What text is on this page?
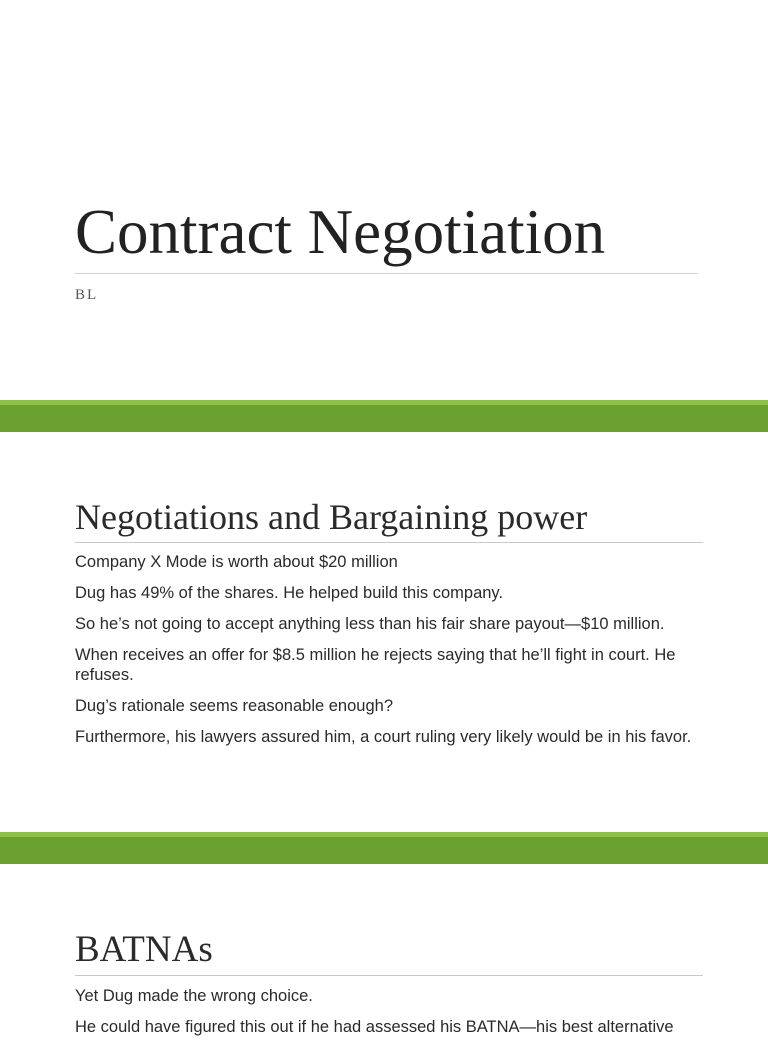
Contract Negotiation
BL
Negotiations and Bargaining power
Company X Mode is worth about $20 million
Dug has 49% of the shares. He helped build this company.
So he’s not going to accept anything less than his fair share payout—$10 million.
When receives an offer for $8.5 million he rejects saying that he’ll fight in court. He refuses.
Dug’s rationale seems reasonable enough?
Furthermore, his lawyers assured him, a court ruling very likely would be in his favor.
BATNAs
Yet Dug made the wrong choice.
He could have figured this out if he had assessed his BATNA—his best alternative
